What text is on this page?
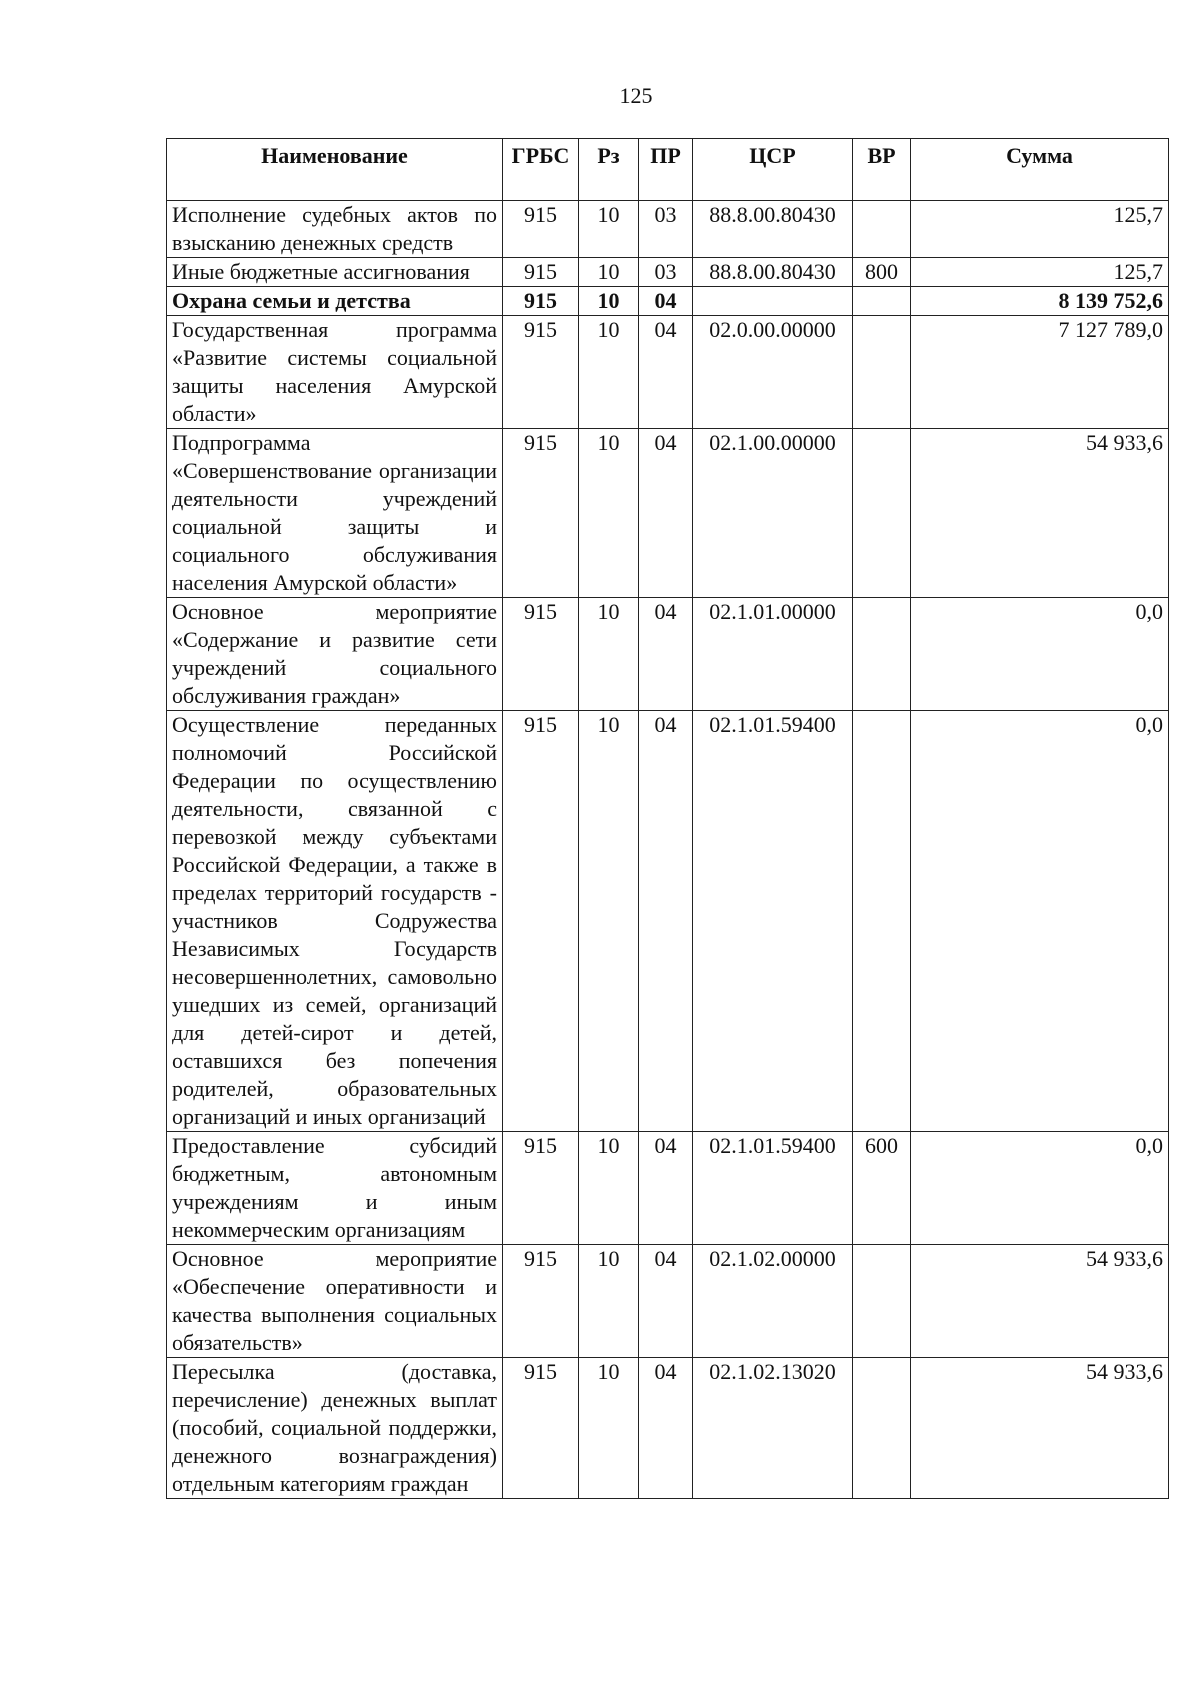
125
Наименование	ГРБС	Рз	ПР	ЦСР	ВР	Сумма
Исполнение судебных актов по взысканию денежных средств	915	10	03	88.8.00.80430		125,7
Иные бюджетные ассигнования	915	10	03	88.8.00.80430	800	125,7
Охрана семьи и детства	915	10	04			8 139 752,6
Государственная программа «Развитие системы социальной защиты населения Амурской области»	915	10	04	02.0.00.00000		7 127 789,0
Подпрограмма «Совершенствование организации деятельности учреждений социальной защиты и социального обслуживания населения Амурской области»	915	10	04	02.1.00.00000		54 933,6
Основное мероприятие «Содержание и развитие сети учреждений социального обслуживания граждан»	915	10	04	02.1.01.00000		0,0
Осуществление переданных полномочий Российской Федерации по осуществлению деятельности, связанной с перевозкой между субъектами Российской Федерации, а также в пределах территорий государств - участников Содружества Независимых Государств несовершеннолетних, самовольно ушедших из семей, организаций для детей-сирот и детей, оставшихся без попечения родителей, образовательных организаций и иных организаций	915	10	04	02.1.01.59400		0,0
Предоставление субсидий бюджетным, автономным учреждениям и иным некоммерческим организациям	915	10	04	02.1.01.59400	600	0,0
Основное мероприятие «Обеспечение оперативности и качества выполнения социальных обязательств»	915	10	04	02.1.02.00000		54 933,6
Пересылка (доставка, перечисление) денежных выплат (пособий, социальной поддержки, денежного вознаграждения) отдельным категориям граждан	915	10	04	02.1.02.13020		54 933,6
